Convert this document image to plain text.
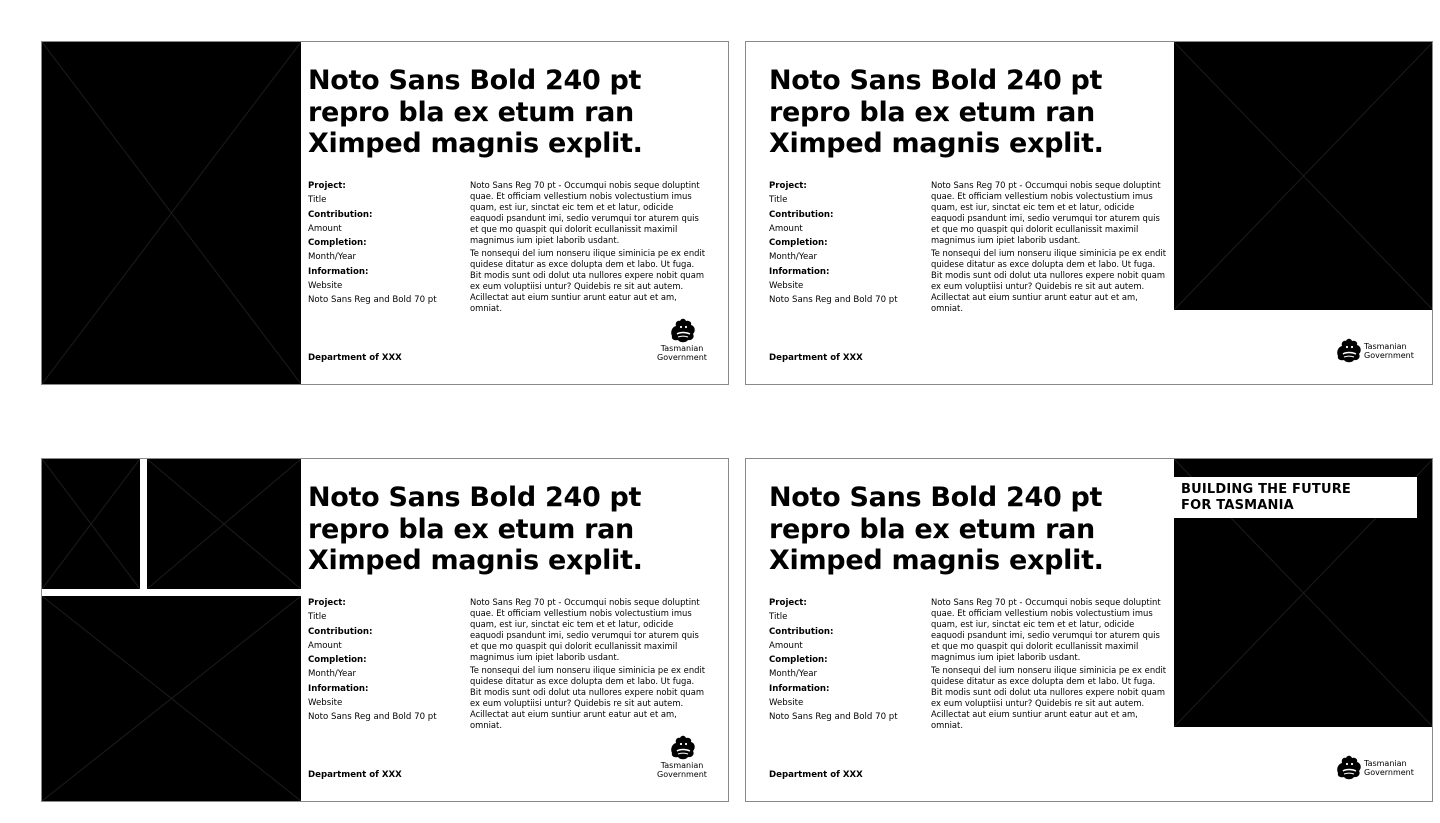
Noto Sans Bold 240 pt
repro bla ex etum ran
Ximped magnis explit.
Project:
Title
Contribution:
Amount
Completion:
Month/Year
Information:
Website
Noto Sans Reg and Bold 70 pt

Noto Sans Reg 70 pt - Occumqui nobis seque doluptint quae. Et officiam vellestium nobis volectustium imus quam, est iur, sinctat eic tem et et latur, odicide eaquodi psandunt imi, sedio verumqui tor aturem quis et que mo quaspit qui dolorit ecullanissit maximil magnimus ium ipiet laborib usdant.

Te nonsequi del ium nonseru ilique siminicia pe ex endit quidese ditatur as exce dolupta dem et labo. Ut fuga. Bit modis sunt odi dolut uta nullores expere nobit quam ex eum voluptiisi untur? Quidebis re sit aut autem. Acillectat aut eium suntiur arunt eatur aut et am, omniat.

Department of XXX
Tasmanian
Government
Noto Sans Bold 240 pt
repro bla ex etum ran
Ximped magnis explit.
Project:
Title
Contribution:
Amount
Completion:
Month/Year
Information:
Website
Noto Sans Reg and Bold 70 pt

Noto Sans Reg 70 pt - Occumqui nobis seque doluptint quae. Et officiam vellestium nobis volectustium imus quam, est iur, sinctat eic tem et et latur, odicide eaquodi psandunt imi, sedio verumqui tor aturem quis et que mo quaspit qui dolorit ecullanissit maximil magnimus ium ipiet laborib usdant.

Te nonsequi del ium nonseru ilique siminicia pe ex endit quidese ditatur as exce dolupta dem et labo. Ut fuga. Bit modis sunt odi dolut uta nullores expere nobit quam ex eum voluptiisi untur? Quidebis re sit aut autem. Acillectat aut eium suntiur arunt eatur aut et am, omniat.

Department of XXX
Tasmanian
Government
Noto Sans Bold 240 pt
repro bla ex etum ran
Ximped magnis explit.
Project:
Title
Contribution:
Amount
Completion:
Month/Year
Information:
Website
Noto Sans Reg and Bold 70 pt

Noto Sans Reg 70 pt - Occumqui nobis seque doluptint quae. Et officiam vellestium nobis volectustium imus quam, est iur, sinctat eic tem et et latur, odicide eaquodi psandunt imi, sedio verumqui tor aturem quis et que mo quaspit qui dolorit ecullanissit maximil magnimus ium ipiet laborib usdant.

Te nonsequi del ium nonseru ilique siminicia pe ex endit quidese ditatur as exce dolupta dem et labo. Ut fuga. Bit modis sunt odi dolut uta nullores expere nobit quam ex eum voluptiisi untur? Quidebis re sit aut autem. Acillectat aut eium suntiur arunt eatur aut et am, omniat.

Department of XXX
Tasmanian
Government
BUILDING THE FUTURE
FOR TASMANIA
Noto Sans Bold 240 pt
repro bla ex etum ran
Ximped magnis explit.
Project:
Title
Contribution:
Amount
Completion:
Month/Year
Information:
Website
Noto Sans Reg and Bold 70 pt

Noto Sans Reg 70 pt - Occumqui nobis seque doluptint quae. Et officiam vellestium nobis volectustium imus quam, est iur, sinctat eic tem et et latur, odicide eaquodi psandunt imi, sedio verumqui tor aturem quis et que mo quaspit qui dolorit ecullanissit maximil magnimus ium ipiet laborib usdant.

Te nonsequi del ium nonseru ilique siminicia pe ex endit quidese ditatur as exce dolupta dem et labo. Ut fuga. Bit modis sunt odi dolut uta nullores expere nobit quam ex eum voluptiisi untur? Quidebis re sit aut autem. Acillectat aut eium suntiur arunt eatur aut et am, omniat.

Department of XXX
Tasmanian
Government
